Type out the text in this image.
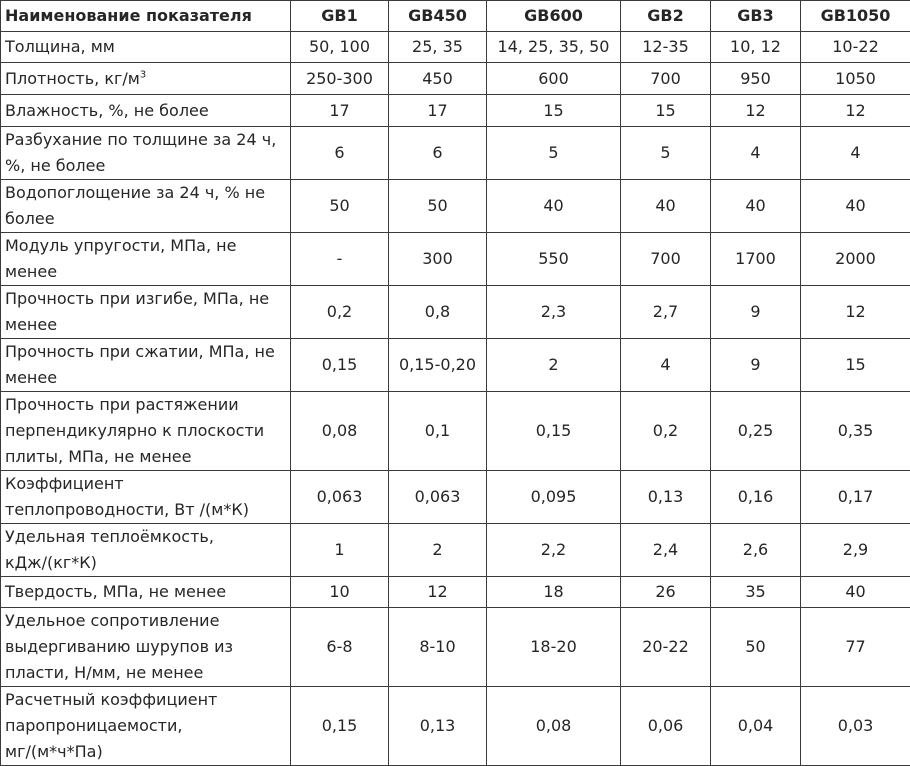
Наименование показателя	GB1	GB450	GB600	GB2	GB3	GB1050
Толщина, мм	50, 100	25, 35	14, 25, 35, 50	12-35	10, 12	10-22
Плотность, $кг/м^3$	250-300	450	600	700	950	1050
Влажность, %, не более	17	17	15	15	12	12
Разбухание по толщине за 24 ч,
%, не более	6	6	5	5	4	4
Водопоглощение за 24 ч, % не
более	50	50	40	40	40	40
Модуль упругости, МПа, не
менее	-	300	550	700	1700	2000
Прочность при изгибе, МПа, не
менее	0,2	0,8	2,3	2,7	9	12
Прочность при сжатии, МПа, не
менее	0,15	0,15-0,20	2	4	9	15
Прочность при растяжении
перпендикулярно к плоскости
плиты, МПа, не менее	0,08	0,1	0,15	0,2	0,25	0,35
Коэффициент
теплопроводности, Вт /(м*К)	0,063	0,063	0,095	0,13	0,16	0,17
Удельная теплоёмкость,
кДж/(кг*К)	1	2	2,2	2,4	2,6	2,9
Твердость, МПа, не менее	10	12	18	26	35	40
Удельное сопротивление
выдергиванию шурупов из
пласти, Н/мм, не менее	6-8	8-10	18-20	20-22	50	77
Расчетный коэффициент
паропроницаемости,
мг/(м*ч*Па)	0,15	0,13	0,08	0,06	0,04	0,03
